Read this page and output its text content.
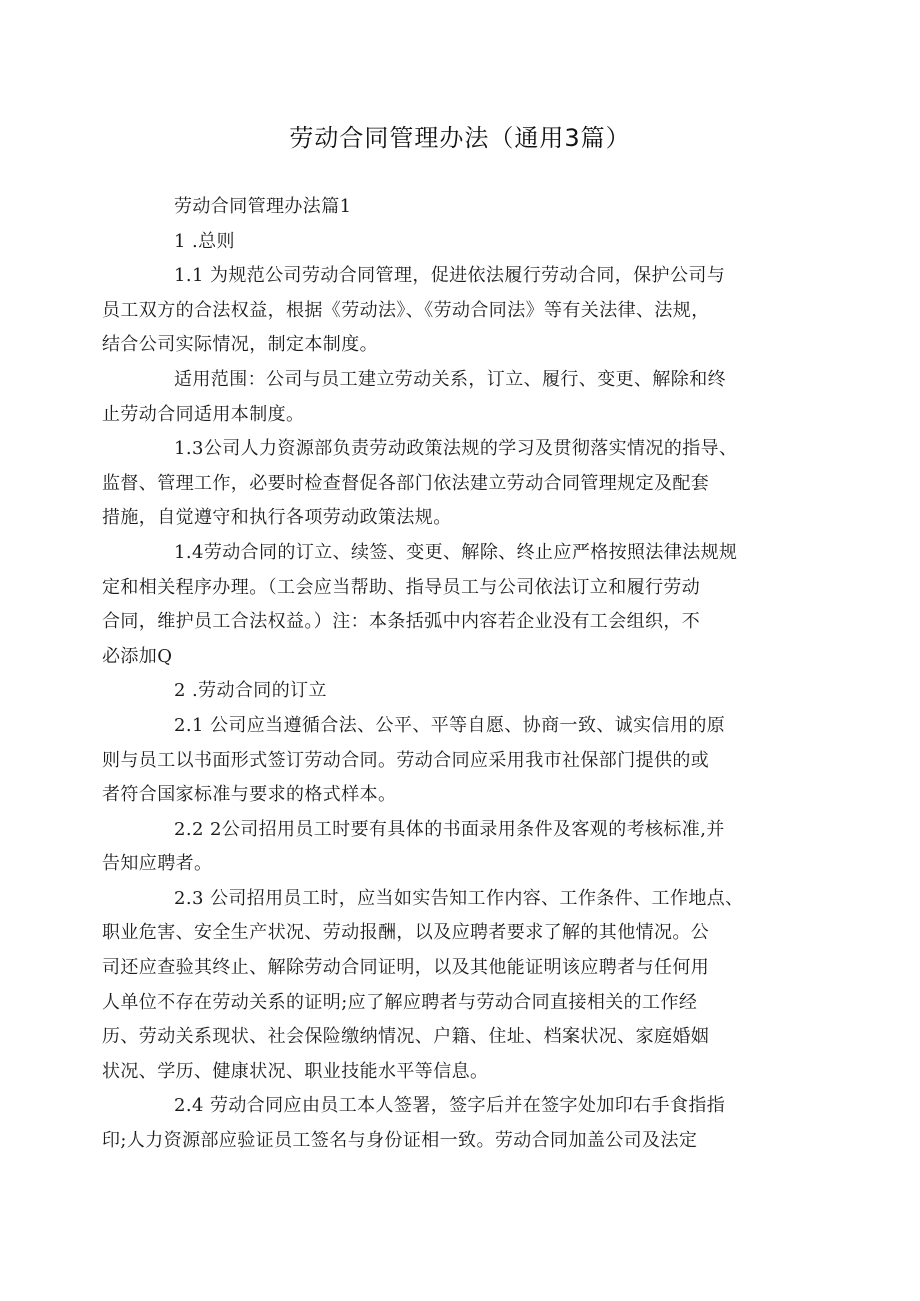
劳动合同管理办法（通用3篇）
劳动合同管理办法篇1
1 .总则
1.1 为规范公司劳动合同管理，促进依法履行劳动合同，保护公司与
员工双方的合法权益，根据《劳动法》、《劳动合同法》等有关法律、法规，
结合公司实际情况，制定本制度。
适用范围：公司与员工建立劳动关系，订立、履行、变更、解除和终
止劳动合同适用本制度。
1.3公司人力资源部负责劳动政策法规的学习及贯彻落实情况的指导、
监督、管理工作，必要时检查督促各部门依法建立劳动合同管理规定及配套
措施，自觉遵守和执行各项劳动政策法规。
1.4劳动合同的订立、续签、变更、解除、终止应严格按照法律法规规
定和相关程序办理。（工会应当帮助、指导员工与公司依法订立和履行劳动
合同，维护员工合法权益。）注：本条括弧中内容若企业没有工会组织，不
必添加Q
2 .劳动合同的订立
2.1 公司应当遵循合法、公平、平等自愿、协商一致、诚实信用的原
则与员工以书面形式签订劳动合同。劳动合同应采用我市社保部门提供的或
者符合国家标准与要求的格式样本。
2.2 2公司招用员工时要有具体的书面录用条件及客观的考核标准,并
告知应聘者。
2.3 公司招用员工时，应当如实告知工作内容、工作条件、工作地点、
职业危害、安全生产状况、劳动报酬，以及应聘者要求了解的其他情况。公
司还应查验其终止、解除劳动合同证明，以及其他能证明该应聘者与任何用
人单位不存在劳动关系的证明;应了解应聘者与劳动合同直接相关的工作经
历、劳动关系现状、社会保险缴纳情况、户籍、住址、档案状况、家庭婚姻
状况、学历、健康状况、职业技能水平等信息。
2.4 劳动合同应由员工本人签署，签字后并在签字处加印右手食指指
印;人力资源部应验证员工签名与身份证相一致。劳动合同加盖公司及法定
